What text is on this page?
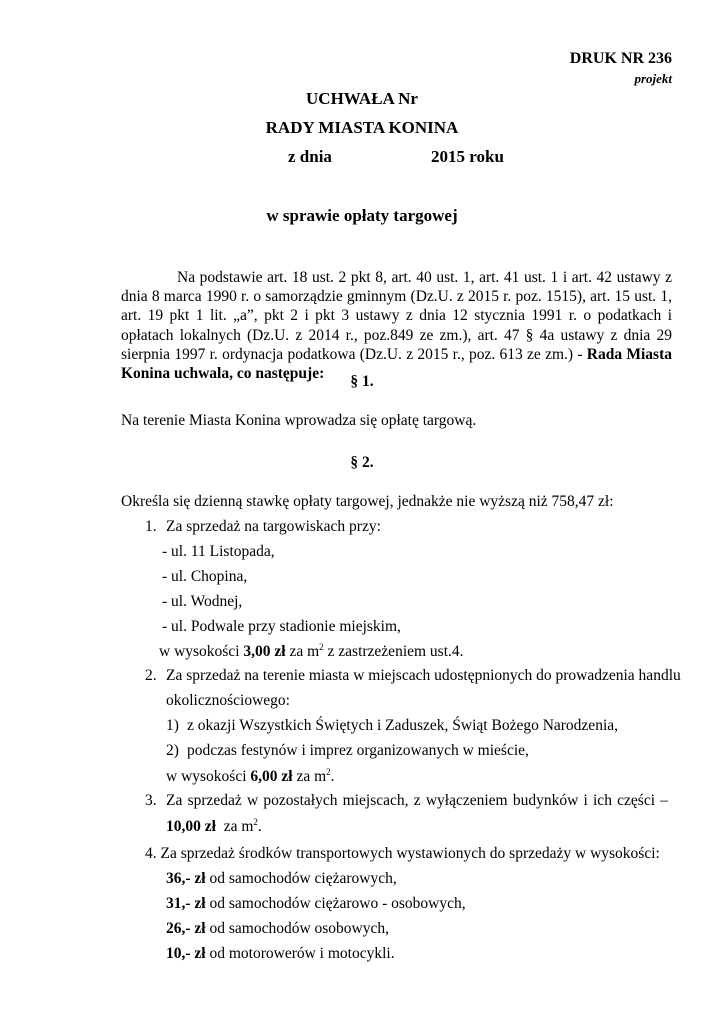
DRUK NR 236
projekt
UCHWAŁA Nr
RADY MIASTA KONINA
z dnia	2015 roku
w sprawie opłaty targowej
Na podstawie art. 18 ust. 2 pkt 8, art. 40 ust. 1, art. 41 ust. 1 i art. 42 ustawy z dnia 8 marca 1990 r. o samorządzie gminnym (Dz.U. z 2015 r. poz. 1515), art. 15 ust. 1, art. 19 pkt 1 lit. „a”, pkt 2 i pkt 3 ustawy z dnia 12 stycznia 1991 r. o podatkach i opłatach lokalnych (Dz.U. z 2014 r., poz.849 ze zm.), art. 47 § 4a ustawy z dnia 29 sierpnia 1997 r. ordynacja podatkowa (Dz.U. z 2015 r., poz. 613 ze zm.) - Rada Miasta Konina uchwala, co następuje:	§ 1.
Na terenie Miasta Konina wprowadza się opłatę targową.
§ 2.
Określa się dzienną stawkę opłaty targowej, jednakże nie wyższą niż 758,47 zł:
1. Za sprzedaż na targowiskach przy:
- ul. 11 Listopada,
- ul. Chopina,
- ul. Wodnej,
- ul. Podwale przy stadionie miejskim,
w wysokości 3,00 zł za $m^2$ z zastrzeżeniem ust.4.
2. Za sprzedaż na terenie miasta w miejscach udostępnionych do prowadzenia handlu
okolicznościowego:
1) z okazji Wszystkich Świętych i Zaduszek, Świąt Bożego Narodzenia,
2) podczas festynów i imprez organizowanych w mieście,
w wysokości 6,00 zł za $m^2$.
3. Za sprzedaż w pozostałych miejscach, z wyłączeniem budynków i ich części –
10,00 zł  za $m^2$.
4. Za sprzedaż środków transportowych wystawionych do sprzedaży w wysokości:
36,- zł od samochodów ciężarowych,
31,- zł od samochodów ciężarowo - osobowych,
26,- zł od samochodów osobowych,
10,- zł od motorowerów i motocykli.
